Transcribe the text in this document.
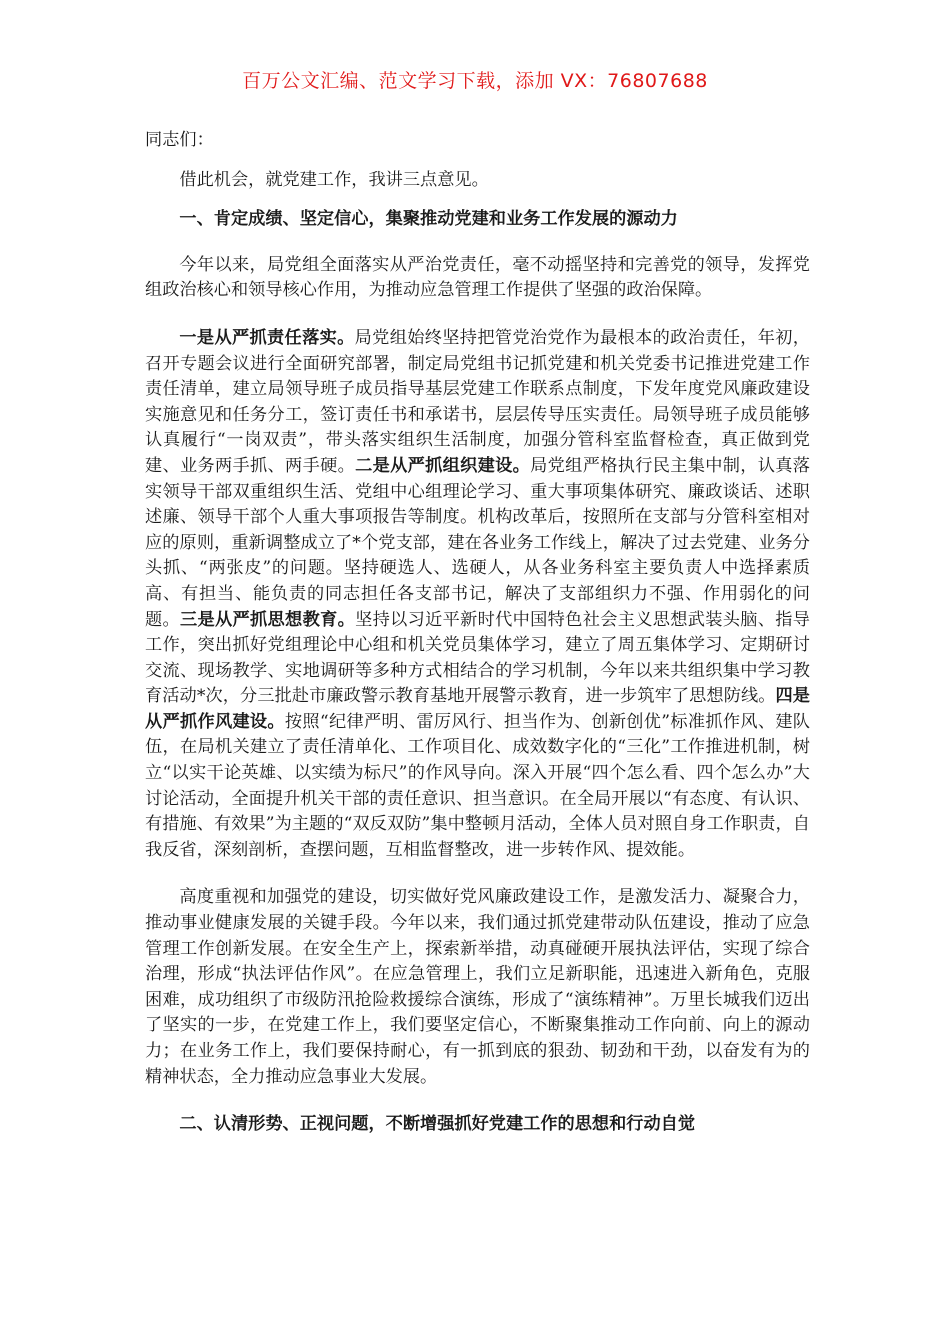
百万公文汇编、范文学习下载，添加 VX：76807688

同志们：

借此机会，就党建工作，我讲三点意见。

一、肯定成绩、坚定信心，集聚推动党建和业务工作发展的源动力

今年以来，局党组全面落实从严治党责任，毫不动摇坚持和完善党的领导，发挥党组政治核心和领导核心作用，为推动应急管理工作提供了坚强的政治保障。

一是从严抓责任落实。局党组始终坚持把管党治党作为最根本的政治责任，年初，召开专题会议进行全面研究部署，制定局党组书记抓党建和机关党委书记推进党建工作责任清单，建立局领导班子成员指导基层党建工作联系点制度，下发年度党风廉政建设实施意见和任务分工，签订责任书和承诺书，层层传导压实责任。局领导班子成员能够认真履行“一岗双责”，带头落实组织生活制度，加强分管科室监督检查，真正做到党建、业务两手抓、两手硬。二是从严抓组织建设。局党组严格执行民主集中制，认真落实领导干部双重组织生活、党组中心组理论学习、重大事项集体研究、廉政谈话、述职述廉、领导干部个人重大事项报告等制度。机构改革后，按照所在支部与分管科室相对应的原则，重新调整成立了*个党支部，建在各业务工作线上，解决了过去党建、业务分头抓、“两张皮”的问题。坚持硬选人、选硬人，从各业务科室主要负责人中选择素质高、有担当、能负责的同志担任各支部书记，解决了支部组织力不强、作用弱化的问题。三是从严抓思想教育。坚持以习近平新时代中国特色社会主义思想武装头脑、指导工作，突出抓好党组理论中心组和机关党员集体学习，建立了周五集体学习、定期研讨交流、现场教学、实地调研等多种方式相结合的学习机制，今年以来共组织集中学习教育活动*次，分三批赴市廉政警示教育基地开展警示教育，进一步筑牢了思想防线。四是从严抓作风建设。按照“纪律严明、雷厉风行、担当作为、创新创优”标准抓作风、建队伍，在局机关建立了责任清单化、工作项目化、成效数字化的“三化”工作推进机制，树立“以实干论英雄、以实绩为标尺”的作风导向。深入开展“四个怎么看、四个怎么办”大讨论活动，全面提升机关干部的责任意识、担当意识。在全局开展以“有态度、有认识、有措施、有效果”为主题的“双反双防”集中整顿月活动，全体人员对照自身工作职责，自我反省，深刻剖析，查摆问题，互相监督整改，进一步转作风、提效能。

高度重视和加强党的建设，切实做好党风廉政建设工作，是激发活力、凝聚合力，推动事业健康发展的关键手段。今年以来，我们通过抓党建带动队伍建设，推动了应急管理工作创新发展。在安全生产上，探索新举措，动真碰硬开展执法评估，实现了综合治理，形成“执法评估作风”。在应急管理上，我们立足新职能，迅速进入新角色，克服困难，成功组织了市级防汛抢险救援综合演练，形成了“演练精神”。万里长城我们迈出了坚实的一步，在党建工作上，我们要坚定信心，不断聚集推动工作向前、向上的源动力；在业务工作上，我们要保持耐心，有一抓到底的狠劲、韧劲和干劲，以奋发有为的精神状态，全力推动应急事业大发展。

二、认清形势、正视问题，不断增强抓好党建工作的思想和行动自觉
